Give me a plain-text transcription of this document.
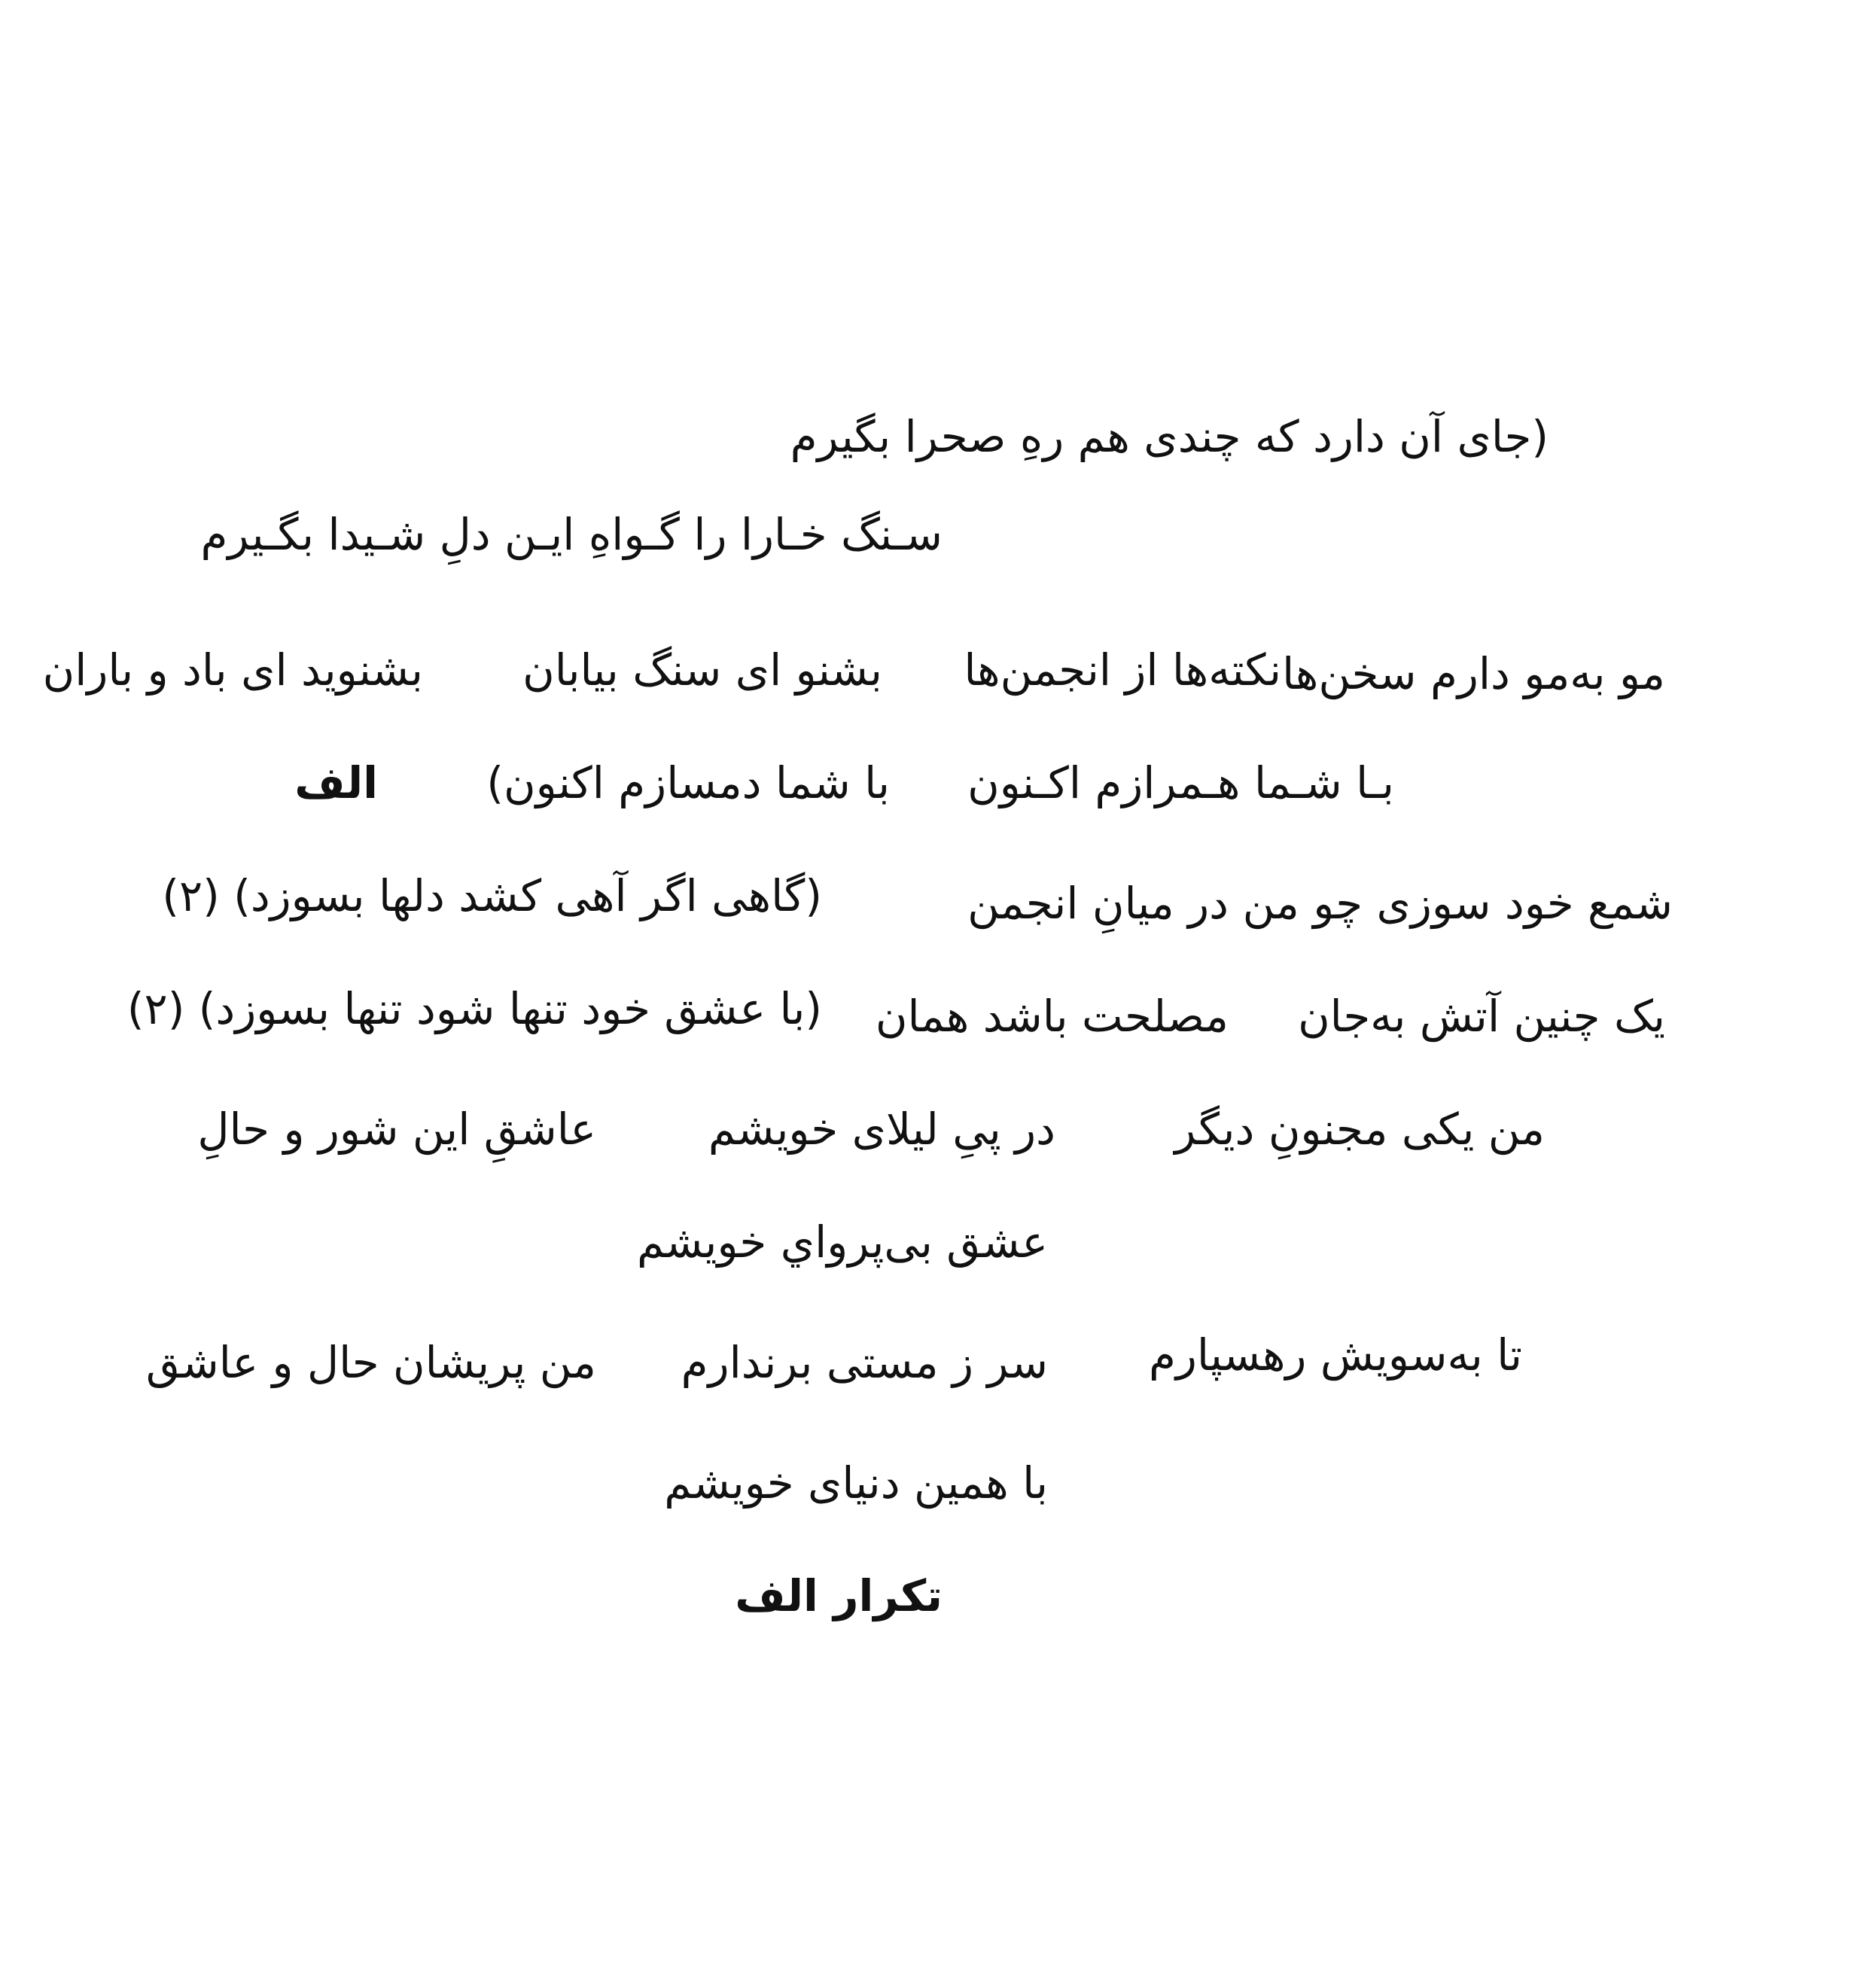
(جای آن دارد که چندی هم رهِ صحرا بگیرم
سـنگ خـارا را گـواهِ ایـن دلِ شـیدا بگـیرم
مو به‌مو دارم سخن‌ها
نکته‌ها از انجمن‌ها
بشنو ای سنگ بیابان
بشنوید ای باد و باران
بـا شـما هـمرازم اکـنون
با شما دمسازم اکنون)
الف
شمع خود سوزی چو من
در میانِ انجمن
(گاهی اگر آهی کشد دلها بسوزد) (۲)
یک چنین آتش به‌جان
مصلحت باشد همان
(با عشق خود تنها شود تنها بسوزد) (۲)
من یکی مجنونِ دیگر
در پیِ لیلای خویشم
عاشقِ این شور و حالِ
عشق بی‌پرواي خویشم
تا به‌سویش رهسپارم
سر ز مستی برندارم
من پریشان حال و عاشق
با همین دنیای خویشم
تکرار الف
